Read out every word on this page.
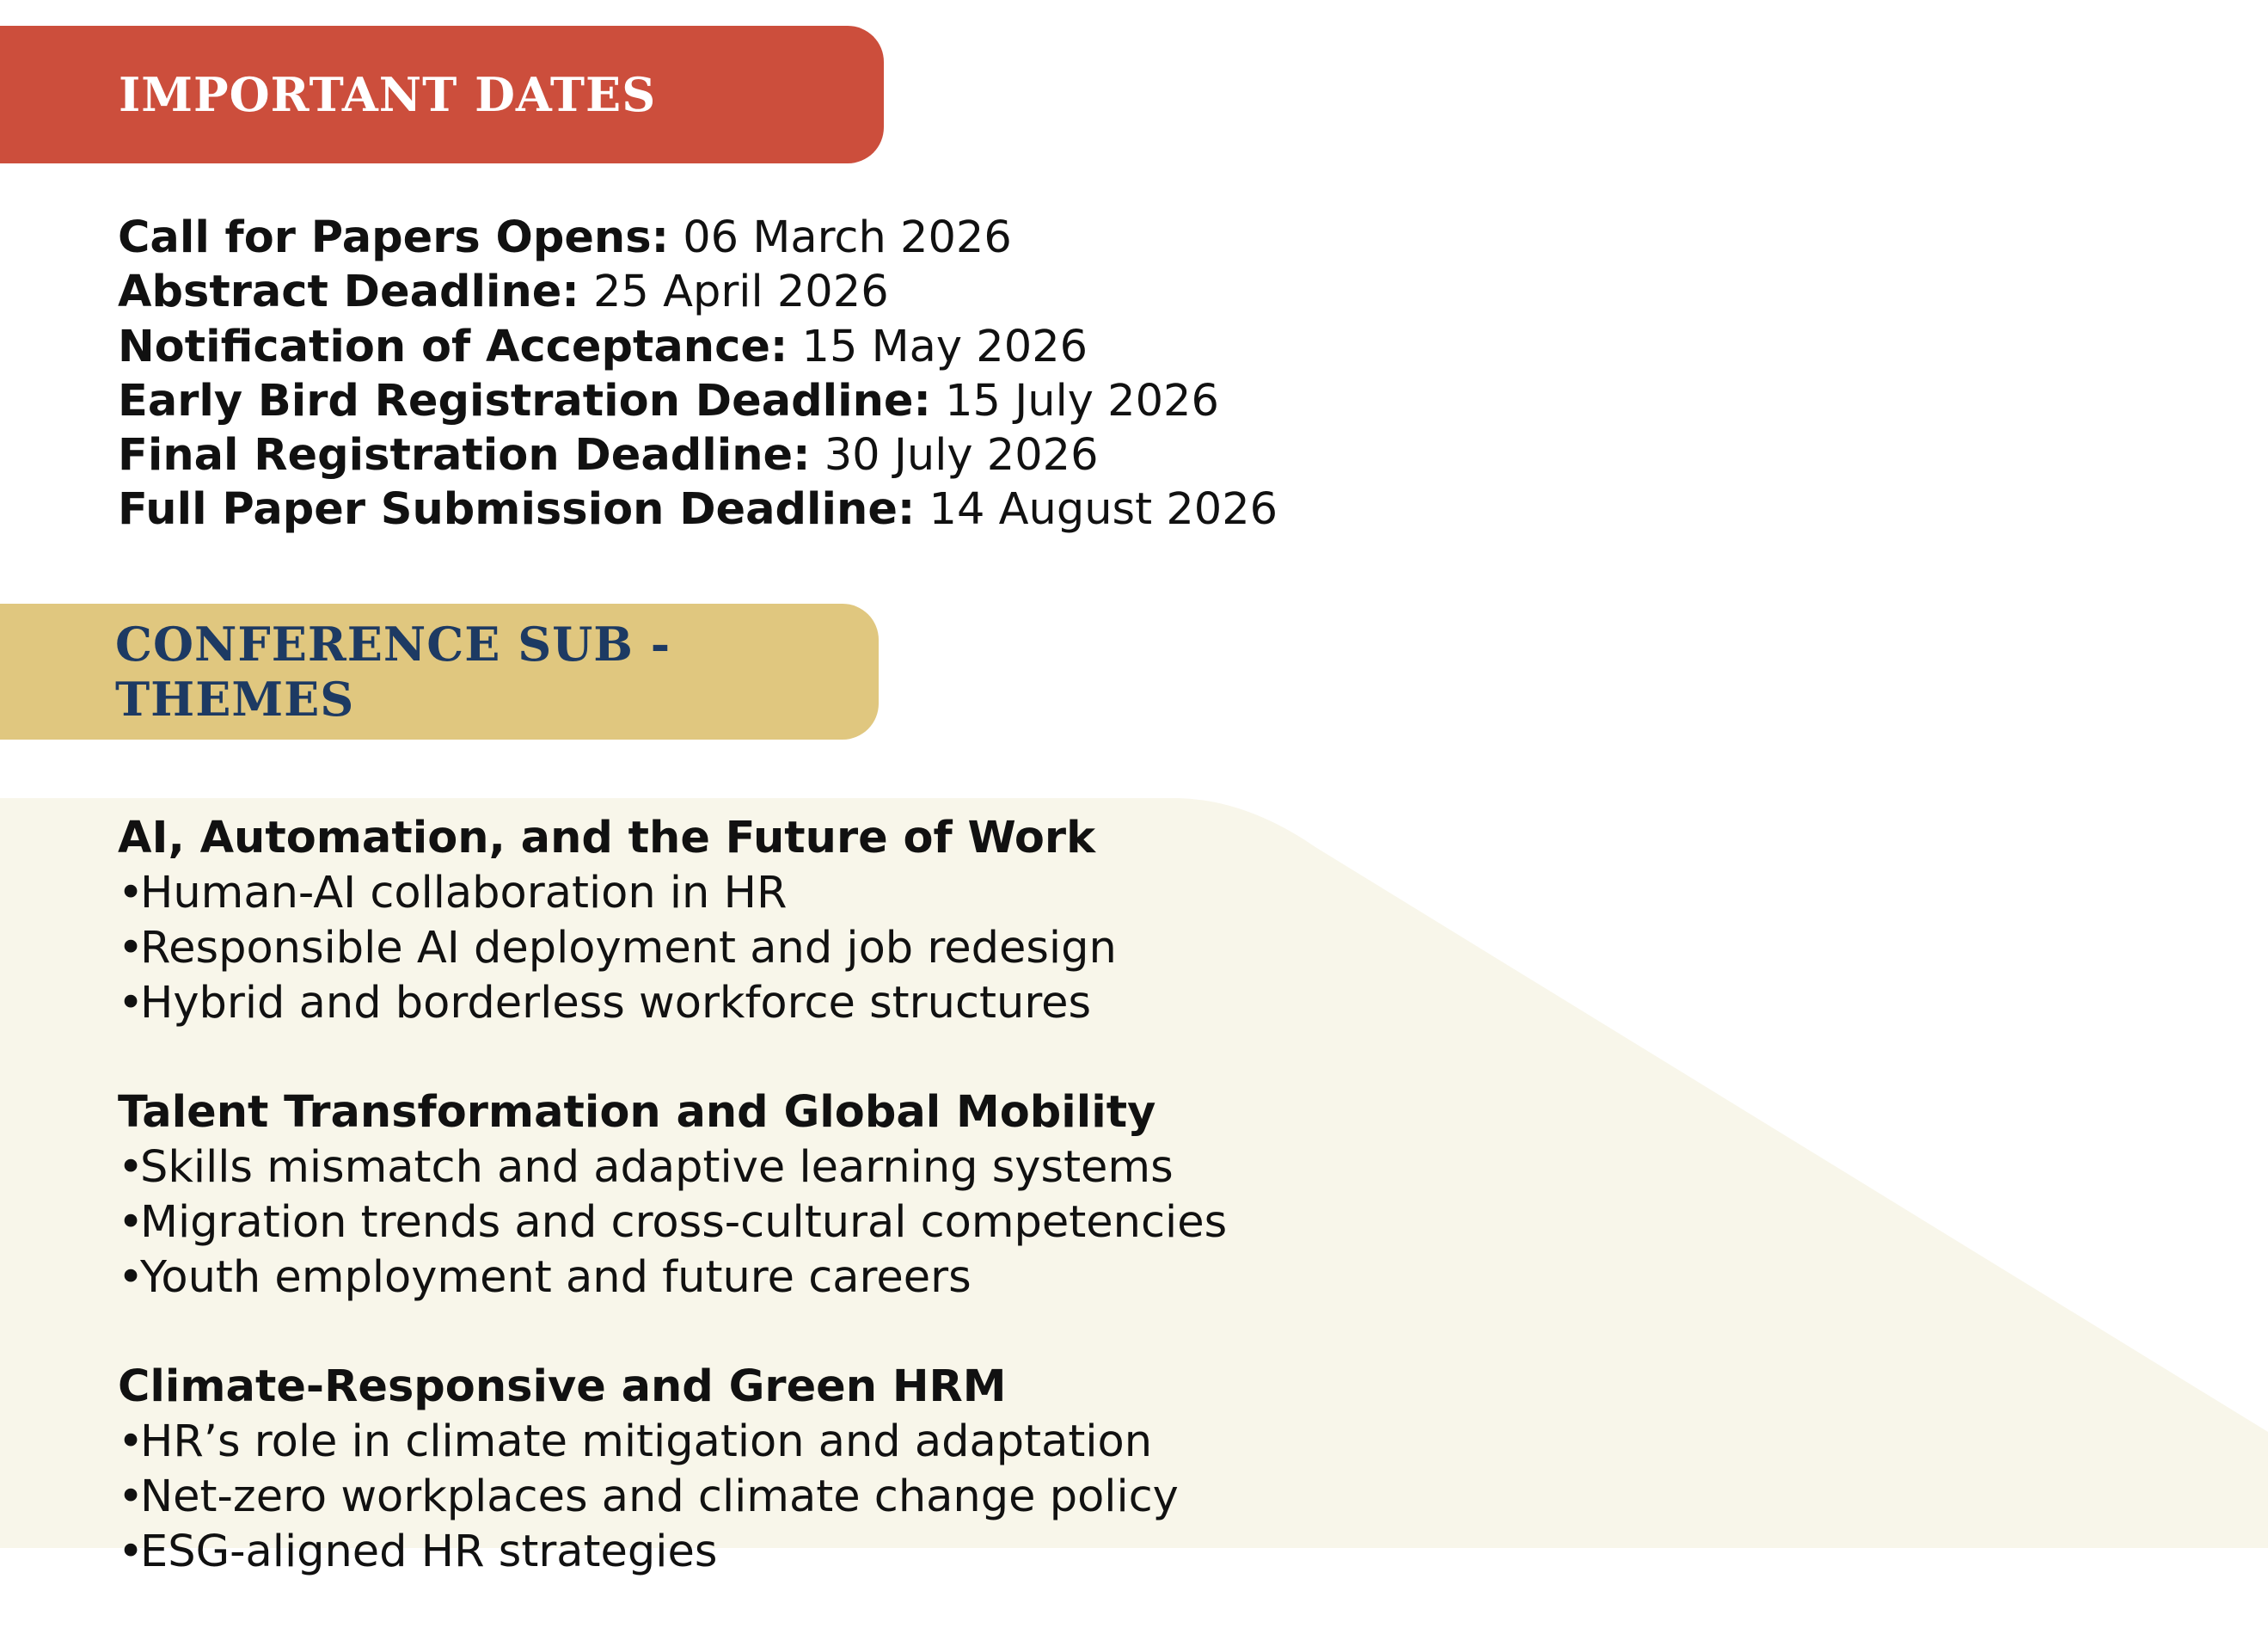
IMPORTANT DATES
Call for Papers Opens: 06 March 2026
Abstract Deadline: 25 April 2026
Notification of Acceptance: 15 May 2026
Early Bird Registration Deadline: 15 July 2026
Final Registration Deadline: 30 July 2026
Full Paper Submission Deadline: 14 August 2026
CONFERENCE SUB - THEMES
AI, Automation, and the Future of Work
•Human-AI collaboration in HR
•Responsible AI deployment and job redesign
•Hybrid and borderless workforce structures
Talent Transformation and Global Mobility
•Skills mismatch and adaptive learning systems
•Migration trends and cross-cultural competencies
•Youth employment and future careers
Climate-Responsive and Green HRM
•HR’s role in climate mitigation and adaptation
•Net-zero workplaces and climate change policy
•ESG-aligned HR strategies
